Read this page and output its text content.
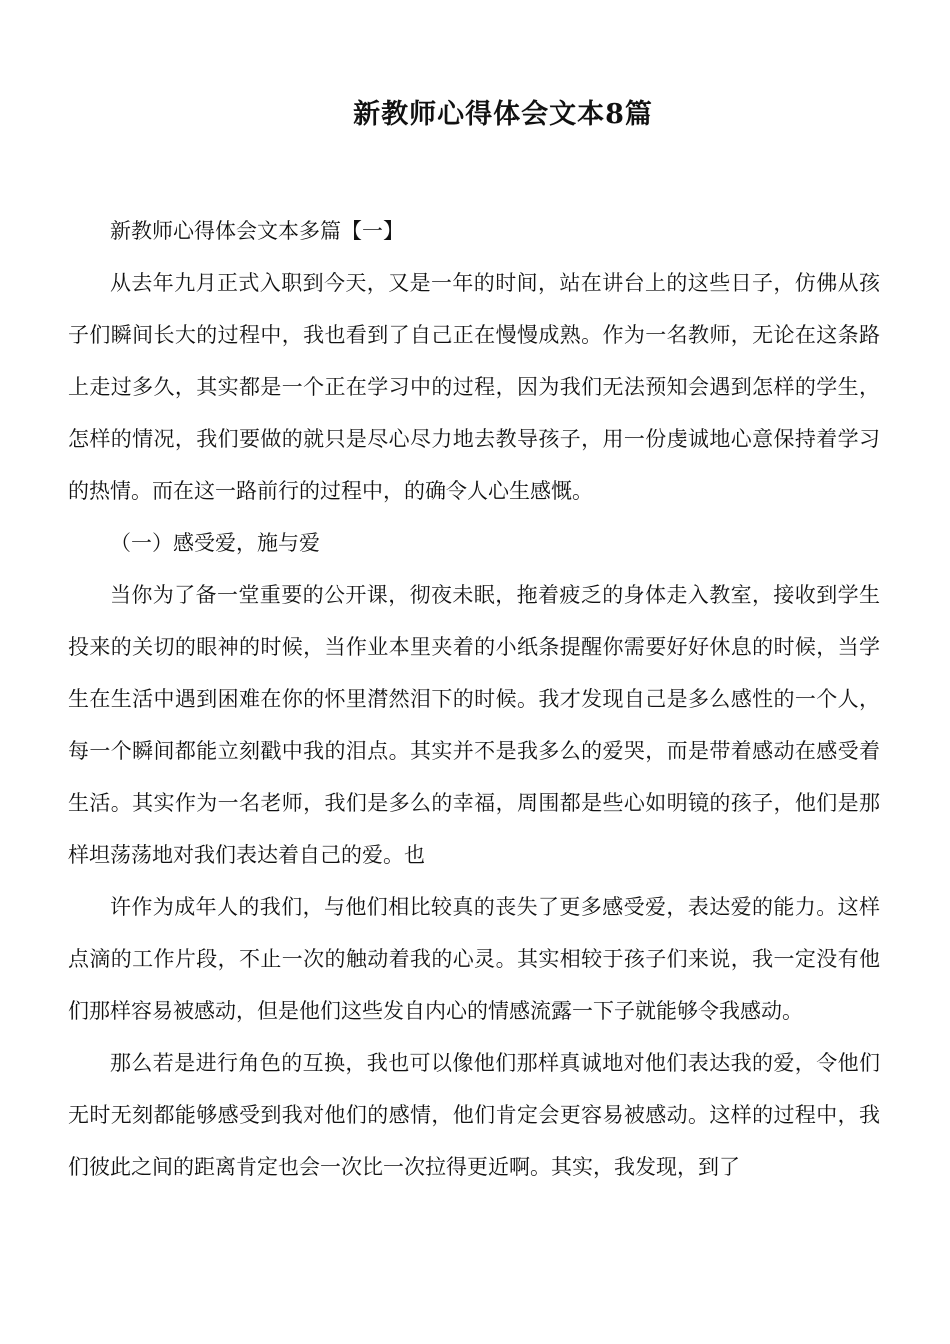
新教师心得体会文本8篇

新教师心得体会文本多篇【一】

从去年九月正式入职到今天，又是一年的时间，站在讲台上的这些日子，仿佛从孩子们瞬间长大的过程中，我也看到了自己正在慢慢成熟。作为一名教师，无论在这条路上走过多久，其实都是一个正在学习中的过程，因为我们无法预知会遇到怎样的学生，怎样的情况，我们要做的就只是尽心尽力地去教导孩子，用一份虔诚地心意保持着学习的热情。而在这一路前行的过程中，的确令人心生感慨。

（一）感受爱，施与爱

当你为了备一堂重要的公开课，彻夜未眠，拖着疲乏的身体走入教室，接收到学生投来的关切的眼神的时候，当作业本里夹着的小纸条提醒你需要好好休息的时候，当学生在生活中遇到困难在你的怀里潸然泪下的时候。我才发现自己是多么感性的一个人，每一个瞬间都能立刻戳中我的泪点。其实并不是我多么的爱哭，而是带着感动在感受着生活。其实作为一名老师，我们是多么的幸福，周围都是些心如明镜的孩子，他们是那样坦荡荡地对我们表达着自己的爱。也

许作为成年人的我们，与他们相比较真的丧失了更多感受爱，表达爱的能力。这样点滴的工作片段，不止一次的触动着我的心灵。其实相较于孩子们来说，我一定没有他们那样容易被感动，但是他们这些发自内心的情感流露一下子就能够令我感动。

那么若是进行角色的互换，我也可以像他们那样真诚地对他们表达我的爱，令他们无时无刻都能够感受到我对他们的感情，他们肯定会更容易被感动。这样的过程中，我们彼此之间的距离肯定也会一次比一次拉得更近啊。其实，我发现，到了
